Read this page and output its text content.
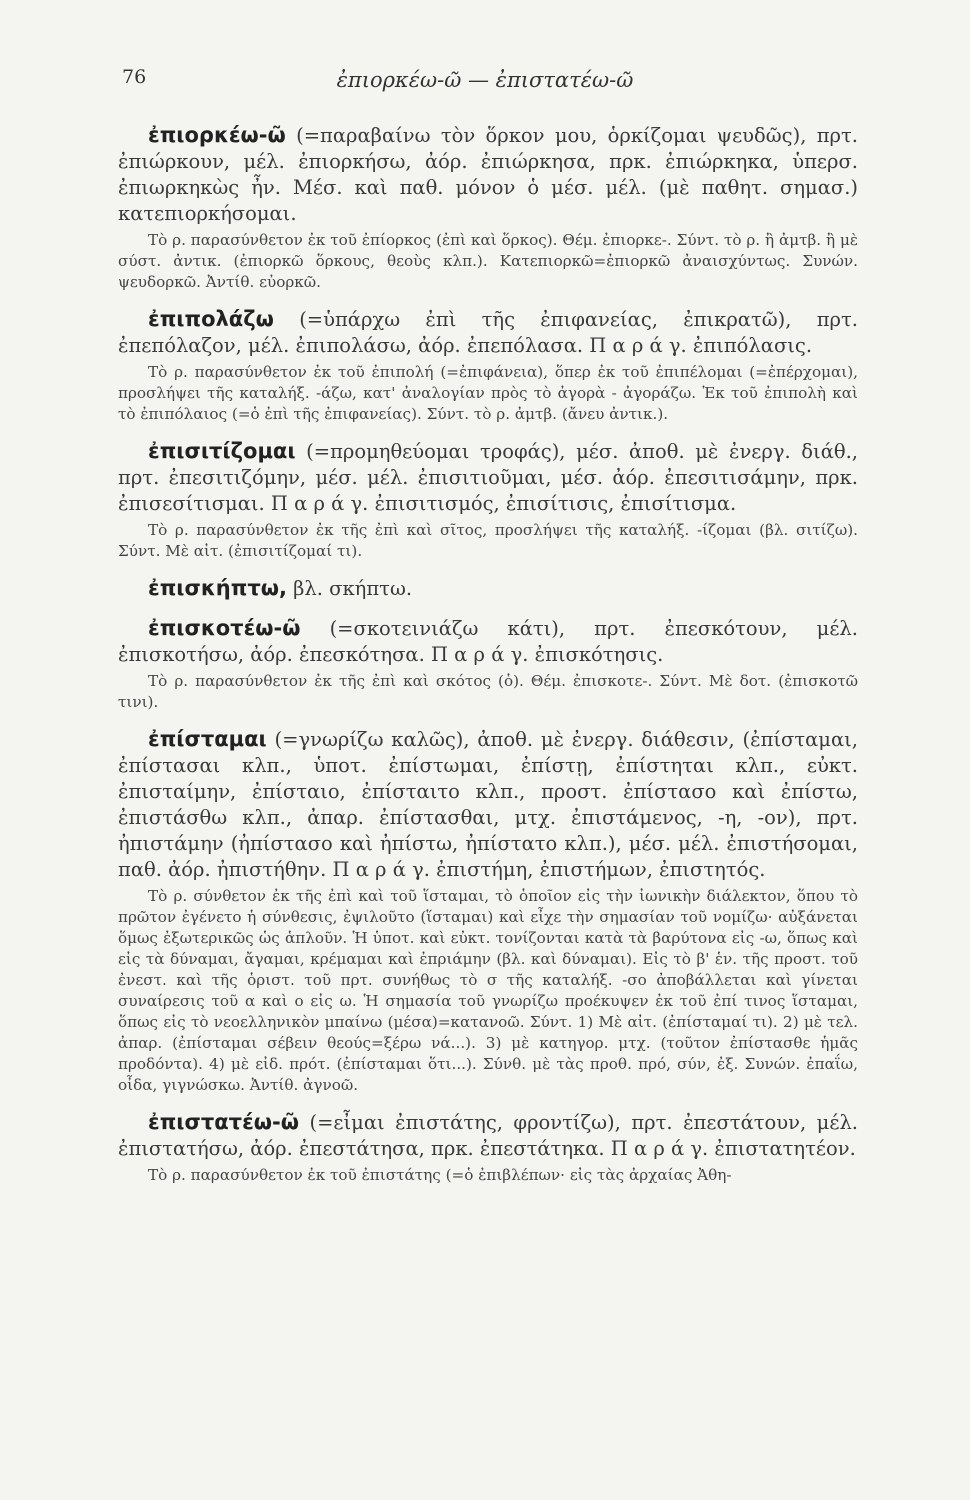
76	ἐπιορκέω-ῶ — ἐπιστατέω-ῶ

ἐπιορκέω-ῶ (=παραβαίνω τὸν ὅρκον μου, ὁρκίζομαι ψευδῶς), πρτ. ἐπιώρκουν, μέλ. ἐπιορκήσω, ἀόρ. ἐπιώρκησα, πρκ. ἐπιώρκηκα, ὑπερσ. ἐπιωρκηκὼς ἦν. Μέσ. καὶ παθ. μόνον ὁ μέσ. μέλ. (μὲ παθητ. σημασ.) κατεπιορκήσομαι.

Τὸ ρ. παρασύνθετον ἐκ τοῦ ἐπίορκος (ἐπὶ καὶ ὅρκος). Θέμ. ἐπιορκε-. Σύντ. τὸ ρ. ἢ ἀμτβ. ἢ μὲ σύστ. ἀντικ. (ἐπιορκῶ ὅρκους, θεοὺς κλπ.). Κατεπιορκῶ=ἐπιορκῶ ἀναισχύντως. Συνών. ψευδορκῶ. Ἀντίθ. εὐορκῶ.

ἐπιπολάζω (=ὑπάρχω ἐπὶ τῆς ἐπιφανείας, ἐπικρατῶ), πρτ. ἐπεπόλαζον, μέλ. ἐπιπολάσω, ἀόρ. ἐπεπόλασα. Π α ρ ά γ. ἐπιπόλασις.

Τὸ ρ. παρασύνθετον ἐκ τοῦ ἐπιπολή (=ἐπιφάνεια), ὅπερ ἐκ τοῦ ἐπιπέλομαι (=ἐπέρχομαι), προσλήψει τῆς καταλήξ. -άζω, κατ' ἀναλογίαν πρὸς τὸ ἀγορὰ - ἀγοράζω. Ἐκ τοῦ ἐπιπολὴ καὶ τὸ ἐπιπόλαιος (=ὁ ἐπὶ τῆς ἐπιφανείας). Σύντ. τὸ ρ. ἀμτβ. (ἄνευ ἀντικ.).

ἐπισιτίζομαι (=προμηθεύομαι τροφάς), μέσ. ἀποθ. μὲ ἐνεργ. διάθ., πρτ. ἐπεσιτιζόμην, μέσ. μέλ. ἐπισιτιοῦμαι, μέσ. ἀόρ. ἐπεσιτισάμην, πρκ. ἐπισεσίτισμαι. Π α ρ ά γ. ἐπισιτισμός, ἐπισίτισις, ἐπισίτισμα.

Τὸ ρ. παρασύνθετον ἐκ τῆς ἐπὶ καὶ σῖτος, προσλήψει τῆς καταλήξ. -ίζομαι (βλ. σιτίζω). Σύντ. Μὲ αἰτ. (ἐπισιτίζομαί τι).

ἐπισκήπτω, βλ. σκήπτω.

ἐπισκοτέω-ῶ (=σκοτεινιάζω κάτι), πρτ. ἐπεσκότουν, μέλ. ἐπισκοτήσω, ἀόρ. ἐπεσκότησα. Π α ρ ά γ. ἐπισκότησις.

Τὸ ρ. παρασύνθετον ἐκ τῆς ἐπὶ καὶ σκότος (ὁ). Θέμ. ἐπισκοτε-. Σύντ. Μὲ δοτ. (ἐπισκοτῶ τινι).

ἐπίσταμαι (=γνωρίζω καλῶς), ἀποθ. μὲ ἐνεργ. διάθεσιν, (ἐπίσταμαι, ἐπίστασαι κλπ., ὑποτ. ἐπίστωμαι, ἐπίστῃ, ἐπίστηται κλπ., εὐκτ. ἐπισταίμην, ἐπίσταιο, ἐπίσταιτο κλπ., προστ. ἐπίστασο καὶ ἐπίστω, ἐπιστάσθω κλπ., ἀπαρ. ἐπίστασθαι, μτχ. ἐπιστάμενος, -η, -ον), πρτ. ἠπιστάμην (ἠπίστασο καὶ ἠπίστω, ἠπίστατο κλπ.), μέσ. μέλ. ἐπιστήσομαι, παθ. ἀόρ. ἠπιστήθην. Π α ρ ά γ. ἐπιστήμη, ἐπιστήμων, ἐπιστητός.

Τὸ ρ. σύνθετον ἐκ τῆς ἐπὶ καὶ τοῦ ἵσταμαι, τὸ ὁποῖον εἰς τὴν ἰωνικὴν διάλεκτον, ὅπου τὸ πρῶτον ἐγένετο ἡ σύνθεσις, ἐψιλοῦτο (ἵσταμαι) καὶ εἶχε τὴν σημασίαν τοῦ νομίζω· αὐξάνεται ὅμως ἐξωτερικῶς ὡς ἁπλοῦν. Ἡ ὑποτ. καὶ εὐκτ. τονίζονται κατὰ τὰ βαρύτονα εἰς -ω, ὅπως καὶ εἰς τὰ δύναμαι, ἄγαμαι, κρέμαμαι καὶ ἐπριάμην (βλ. καὶ δύναμαι). Εἰς τὸ β' ἑν. τῆς προστ. τοῦ ἐνεστ. καὶ τῆς ὁριστ. τοῦ πρτ. συνήθως τὸ σ τῆς καταλήξ. -σο ἀποβάλλεται καὶ γίνεται συναίρεσις τοῦ α καὶ ο εἰς ω. Ἡ σημασία τοῦ γνωρίζω προέκυψεν ἐκ τοῦ ἐπί τινος ἵσταμαι, ὅπως εἰς τὸ νεοελληνικὸν μπαίνω (μέσα)=κατανοῶ. Σύντ. 1) Μὲ αἰτ. (ἐπίσταμαί τι). 2) μὲ τελ. ἀπαρ. (ἐπίσταμαι σέβειν θεούς=ξέρω νά...). 3) μὲ κατηγορ. μτχ. (τοῦτον ἐπίστασθε ἡμᾶς προδόντα). 4) μὲ εἰδ. πρότ. (ἐπίσταμαι ὅτι...). Σύνθ. μὲ τὰς προθ. πρό, σύν, ἐξ. Συνών. ἐπαΐω, οἶδα, γιγνώσκω. Ἀντίθ. ἀγνοῶ.

ἐπιστατέω-ῶ (=εἶμαι ἐπιστάτης, φροντίζω), πρτ. ἐπεστάτουν, μέλ. ἐπιστατήσω, ἀόρ. ἐπεστάτησα, πρκ. ἐπεστάτηκα. Π α ρ ά γ. ἐπιστατητέον.

Τὸ ρ. παρασύνθετον ἐκ τοῦ ἐπιστάτης (=ὁ ἐπιβλέπων· εἰς τὰς ἀρχαίας Ἀθη-
